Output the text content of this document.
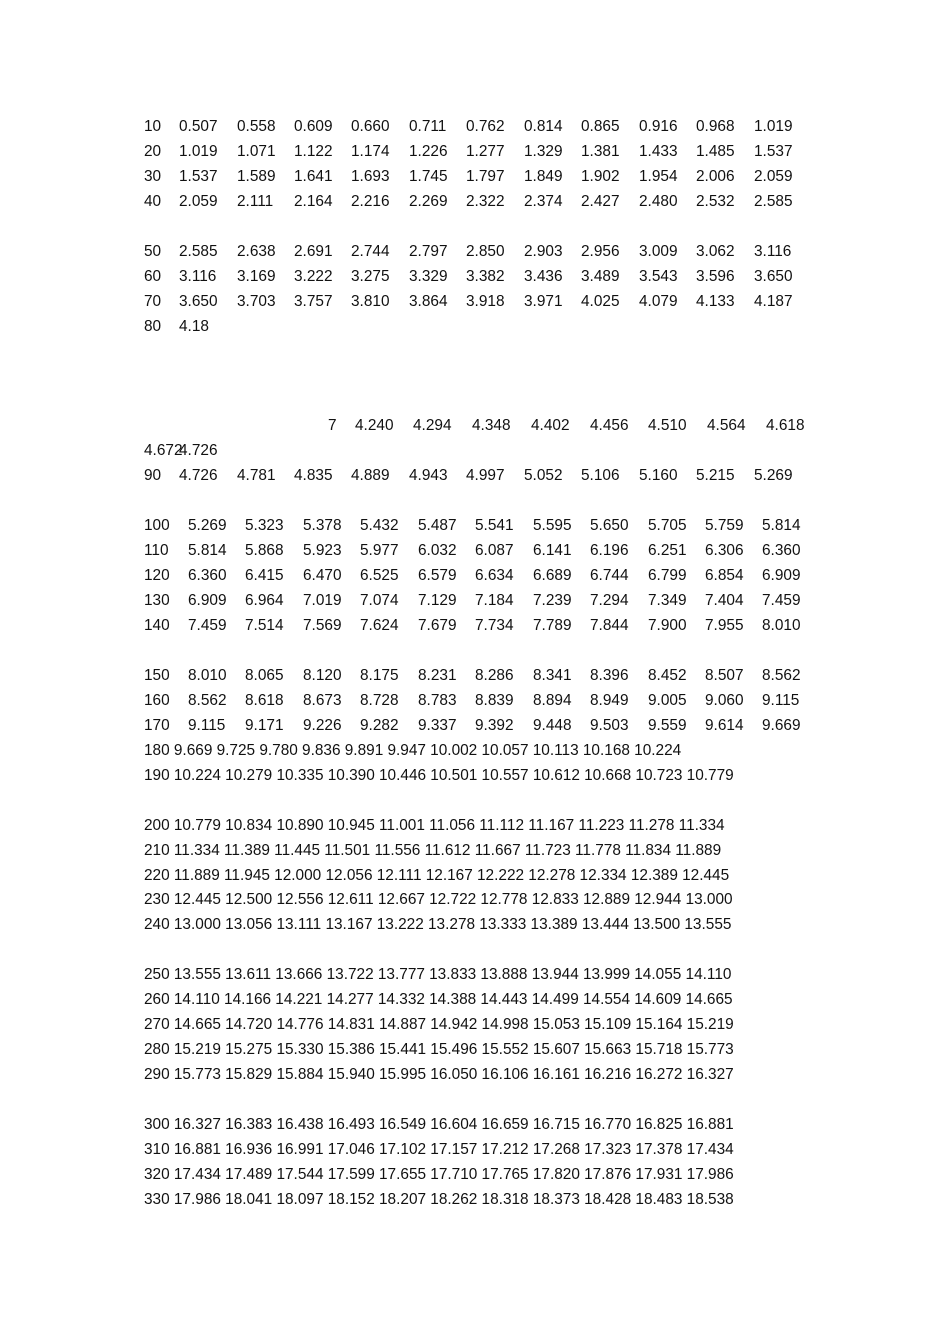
10 0.507 0.558 0.609 0.660 0.711 0.762 0.814 0.865 0.916 0.968 1.019
20 1.019 1.071 1.122 1.174 1.226 1.277 1.329 1.381 1.433 1.485 1.537
30 1.537 1.589 1.641 1.693 1.745 1.797 1.849 1.902 1.954 2.006 2.059
40 2.059 2.111 2.164 2.216 2.269 2.322 2.374 2.427 2.480 2.532 2.585
50 2.585 2.638 2.691 2.744 2.797 2.850 2.903 2.956 3.009 3.062 3.116
60 3.116 3.169 3.222 3.275 3.329 3.382 3.436 3.489 3.543 3.596 3.650
70 3.650 3.703 3.757 3.810 3.864 3.918 3.971 4.025 4.079 4.133 4.187
80 4.18
7 4.240 4.294 4.348 4.402 4.456 4.510 4.564 4.618
4.672
4.726
90 4.726 4.781 4.835 4.889 4.943 4.997 5.052 5.106 5.160 5.215 5.269
100 5.269 5.323 5.378 5.432 5.487 5.541 5.595 5.650 5.705 5.759 5.814
110 5.814 5.868 5.923 5.977 6.032 6.087 6.141 6.196 6.251 6.306 6.360
120 6.360 6.415 6.470 6.525 6.579 6.634 6.689 6.744 6.799 6.854 6.909
130 6.909 6.964 7.019 7.074 7.129 7.184 7.239 7.294 7.349 7.404 7.459
140 7.459 7.514 7.569 7.624 7.679 7.734 7.789 7.844 7.900 7.955 8.010
150 8.010 8.065 8.120 8.175 8.231 8.286 8.341 8.396 8.452 8.507 8.562
160 8.562 8.618 8.673 8.728 8.783 8.839 8.894 8.949 9.005 9.060 9.115
170 9.115 9.171 9.226 9.282 9.337 9.392 9.448 9.503 9.559 9.614 9.669
180 9.669 9.725 9.780 9.836 9.891 9.947 10.002 10.057 10.113 10.168 10.224
190 10.224 10.279 10.335 10.390 10.446 10.501 10.557 10.612 10.668 10.723 10.779
200 10.779 10.834 10.890 10.945 11.001 11.056 11.112 11.167 11.223 11.278 11.334
210 11.334 11.389 11.445 11.501 11.556 11.612 11.667 11.723 11.778 11.834 11.889
220 11.889 11.945 12.000 12.056 12.111 12.167 12.222 12.278 12.334 12.389 12.445
230 12.445 12.500 12.556 12.611 12.667 12.722 12.778 12.833 12.889 12.944 13.000
240 13.000 13.056 13.111 13.167 13.222 13.278 13.333 13.389 13.444 13.500 13.555
250 13.555 13.611 13.666 13.722 13.777 13.833 13.888 13.944 13.999 14.055 14.110
260 14.110 14.166 14.221 14.277 14.332 14.388 14.443 14.499 14.554 14.609 14.665
270 14.665 14.720 14.776 14.831 14.887 14.942 14.998 15.053 15.109 15.164 15.219
280 15.219 15.275 15.330 15.386 15.441 15.496 15.552 15.607 15.663 15.718 15.773
290 15.773 15.829 15.884 15.940 15.995 16.050 16.106 16.161 16.216 16.272 16.327
300 16.327 16.383 16.438 16.493 16.549 16.604 16.659 16.715 16.770 16.825 16.881
310 16.881 16.936 16.991 17.046 17.102 17.157 17.212 17.268 17.323 17.378 17.434
320 17.434 17.489 17.544 17.599 17.655 17.710 17.765 17.820 17.876 17.931 17.986
330 17.986 18.041 18.097 18.152 18.207 18.262 18.318 18.373 18.428 18.483 18.538
